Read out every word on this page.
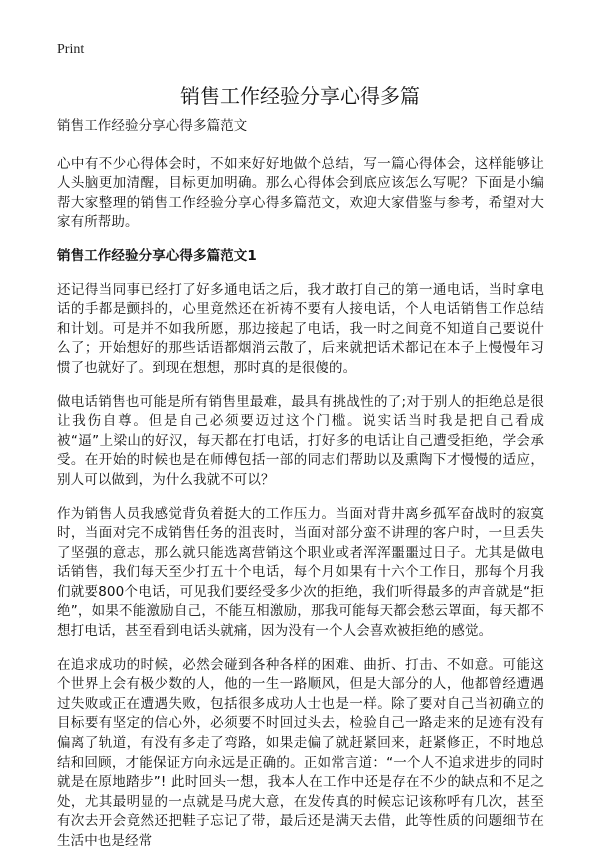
Print
销售工作经验分享心得多篇

销售工作经验分享心得多篇范文

心中有不少心得体会时，不如来好好地做个总结，写一篇心得体会，这样能够让人头脑更加清醒，目标更加明确。那么心得体会到底应该怎么写呢？下面是小编帮大家整理的销售工作经验分享心得多篇范文，欢迎大家借鉴与参考，希望对大家有所帮助。

销售工作经验分享心得多篇范文1

还记得当同事已经打了好多通电话之后，我才敢打自己的第一通电话，当时拿电话的手都是颤抖的，心里竟然还在祈祷不要有人接电话，个人电话销售工作总结和计划。可是并不如我所愿，那边接起了电话，我一时之间竟不知道自己要说什么了；开始想好的那些话语都烟消云散了，后来就把话术都记在本子上慢慢年习惯了也就好了。到现在想想，那时真的是很傻的。

做电话销售也可能是所有销售里最难，最具有挑战性的了;对于别人的拒绝总是很让我伤自尊。但是自己必须要迈过这个门槛。说实话当时我是把自己看成被“逼”上梁山的好汉，每天都在打电话，打好多的电话让自己遭受拒绝，学会承受。在开始的时候也是在师傅包括一部的同志们帮助以及熏陶下才慢慢的适应，别人可以做到，为什么我就不可以？

作为销售人员我感觉背负着挺大的工作压力。当面对背井离乡孤军奋战时的寂寞时，当面对完不成销售任务的沮丧时，当面对部分蛮不讲理的客户时，一旦丢失了坚强的意志，那么就只能选离营销这个职业或者浑浑噩噩过日子。尤其是做电话销售，我们每天至少打五十个电话，每个月如果有十六个工作日，那每个月我们就要800个电话，可见我们要经受多少次的拒绝，我们听得最多的声音就是“拒绝”，如果不能激励自己，不能互相激励，那我可能每天都会愁云罩面，每天都不想打电话，甚至看到电话头就痛，因为没有一个人会喜欢被拒绝的感觉。

在追求成功的时候，必然会碰到各种各样的困难、曲折、打击、不如意。可能这个世界上会有极少数的人，他的一生一路顺风，但是大部分的人，他都曾经遭遇过失败或正在遭遇失败，包括很多成功人士也是一样。除了要对自己当初确立的目标要有坚定的信心外，必须要不时回过头去，检验自己一路走来的足迹有没有偏离了轨道，有没有多走了弯路，如果走偏了就赶紧回来，赶紧修正，不时地总结和回顾，才能保证方向永远是正确的。正如常言道：“一个人不追求进步的同时就是在原地踏步”! 此时回头一想，我本人在工作中还是存在不少的缺点和不足之处，尤其最明显的一点就是马虎大意，在发传真的时候忘记该称呼有几次，甚至有次去开会竟然还把鞋子忘记了带，最后还是满天去借，此等性质的问题细节在生活中也是经常
